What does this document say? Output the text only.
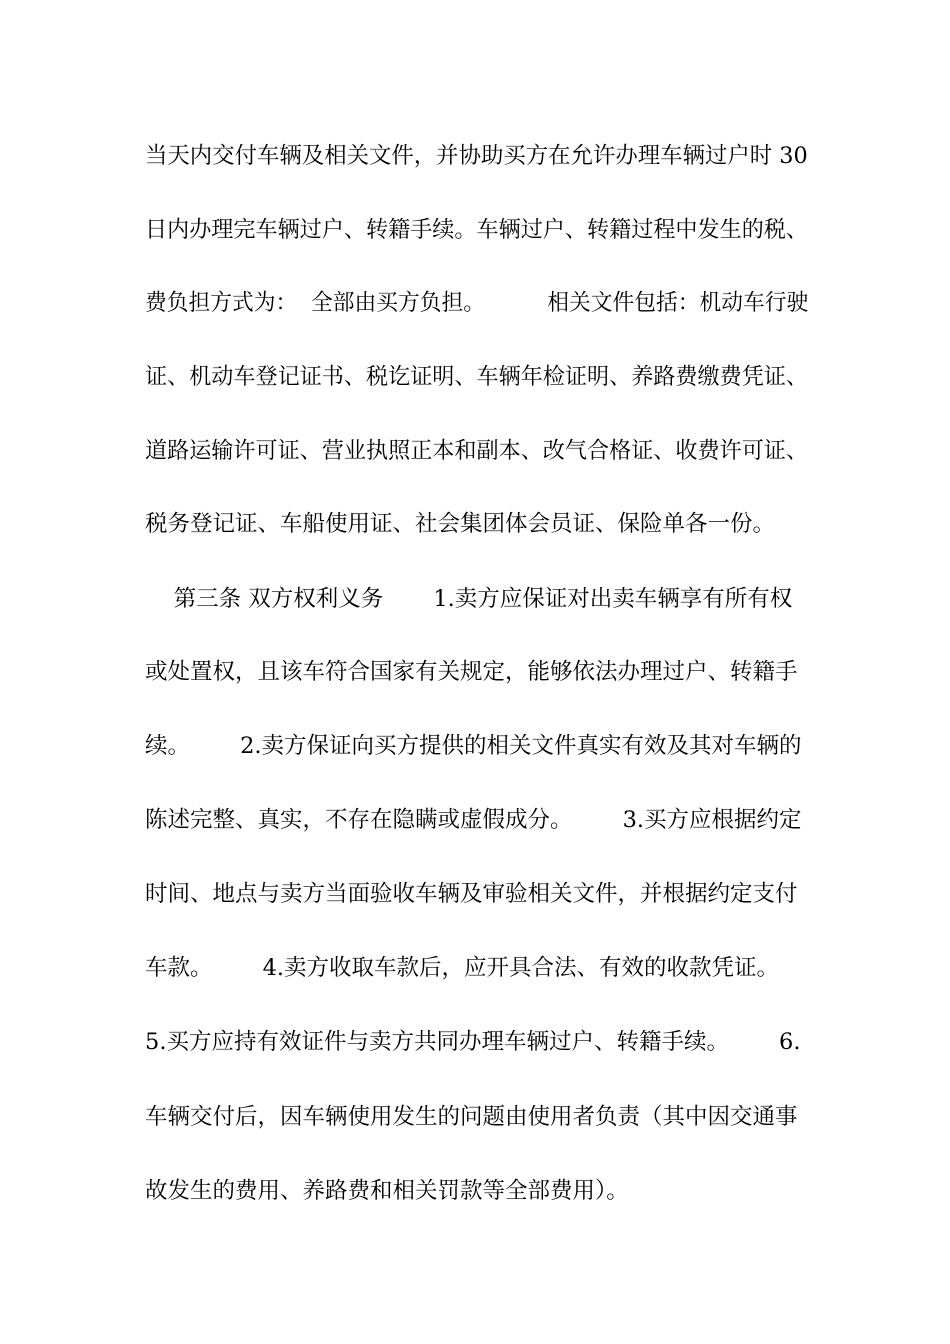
当天内交付车辆及相关文件，并协助买方在允许办理车辆过户时 30
日内办理完车辆过户、转籍手续。车辆过户、转籍过程中发生的税、
费负担方式为：  全部由买方负担。         相关文件包括：机动车行驶
证、机动车登记证书、税讫证明、车辆年检证明、养路费缴费凭证、
道路运输许可证、营业执照正本和副本、改气合格证、收费许可证、
税务登记证、车船使用证、社会集团体会员证、保险单各一份。
第三条 双方权利义务       1.卖方应保证对出卖车辆享有所有权
或处置权，且该车符合国家有关规定，能够依法办理过户、转籍手
续。       2.卖方保证向买方提供的相关文件真实有效及其对车辆的
陈述完整、真实，不存在隐瞒或虚假成分。       3.买方应根据约定
时间、地点与卖方当面验收车辆及审验相关文件，并根据约定支付
车款。       4.卖方收取车款后，应开具合法、有效的收款凭证。
5.买方应持有效证件与卖方共同办理车辆过户、转籍手续。       6.
车辆交付后，因车辆使用发生的问题由使用者负责（其中因交通事
故发生的费用、养路费和相关罚款等全部费用）。
